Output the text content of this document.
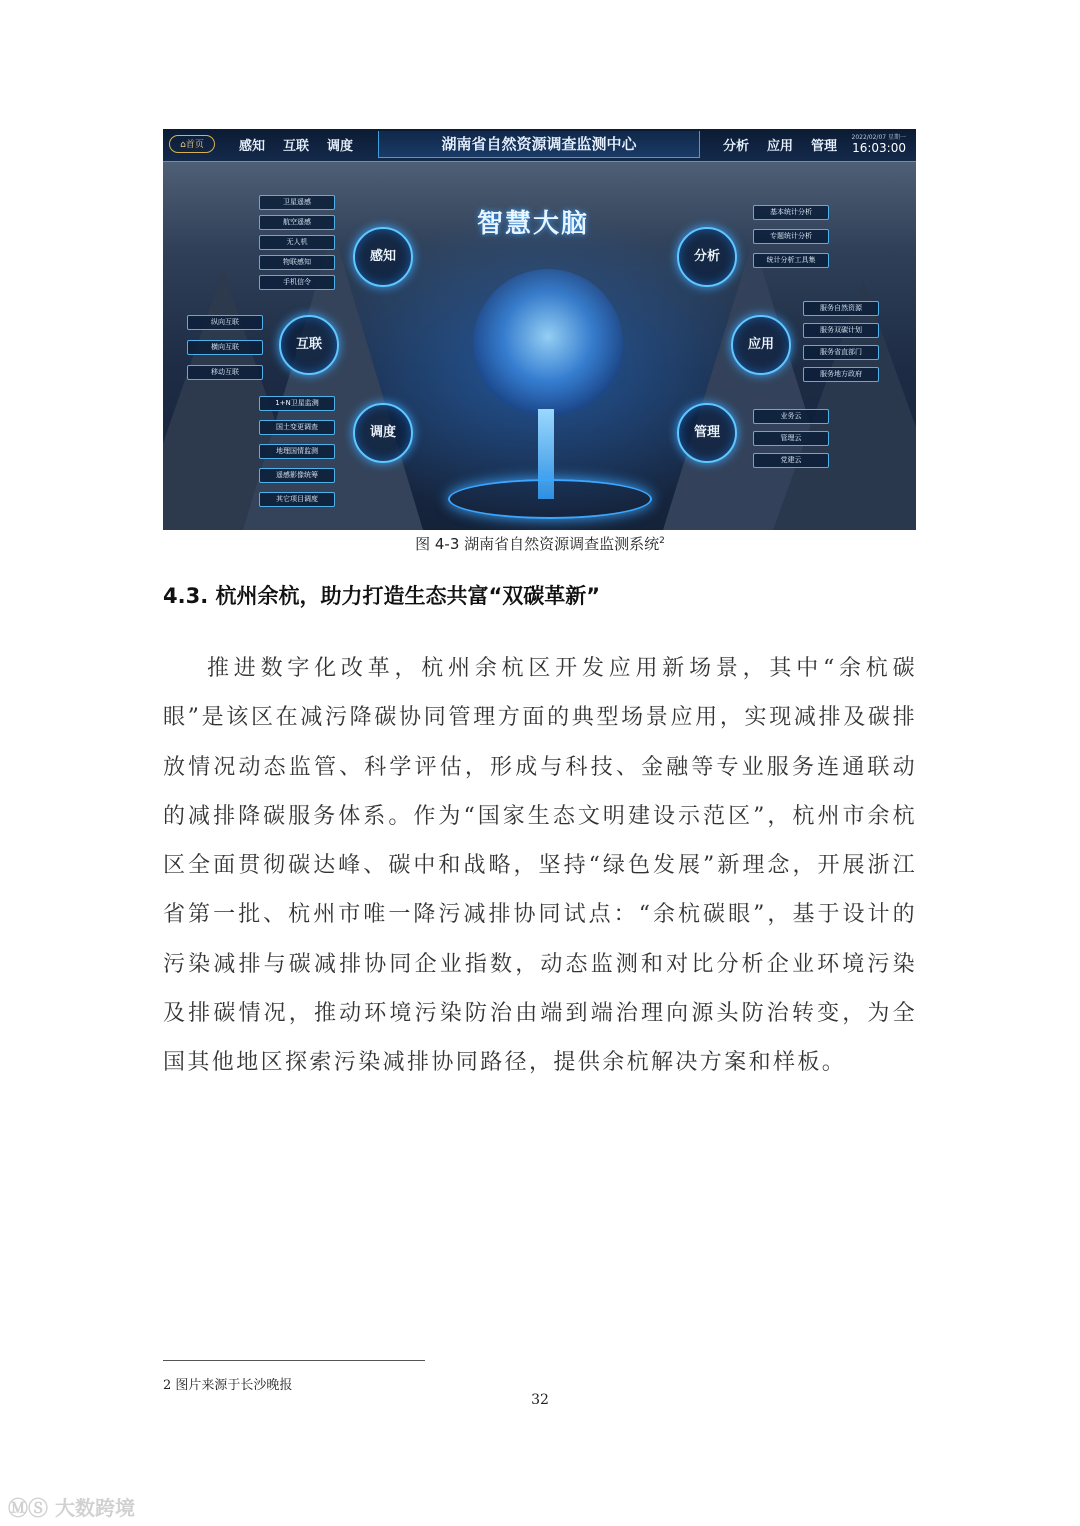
⌂首页	感知 互联 调度	湖南省自然资源调查监测中心	分析 应用 管理
2022/02/07 星期一
16:03:00
智慧大脑
感知
互联
调度
分析
应用
管理
卫星遥感
航空遥感
无人机
物联感知
手机信令
纵向互联
横向互联
移动互联
1+N卫星监测
国土变更调查
地理国情监测
遥感影像统筹
其它项目调度
基本统计分析
专题统计分析
统计分析工具集
服务自然资源
服务双碳计划
服务省直部门
服务地方政府
业务云
管理云
党建云
图 4-3 湖南省自然资源调查监测系统$^2$
4.3. 杭州余杭，助力打造生态共富“双碳革新”

推进数字化改革，杭州余杭区开发应用新场景，其中“余杭碳眼”是该区在减污降碳协同管理方面的典型场景应用，实现减排及碳排放情况动态监管、科学评估，形成与科技、金融等专业服务连通联动的减排降碳服务体系。作为“国家生态文明建设示范区”，杭州市余杭区全面贯彻碳达峰、碳中和战略，坚持“绿色发展”新理念，开展浙江省第一批、杭州市唯一降污减排协同试点：“余杭碳眼”，基于设计的污染减排与碳减排协同企业指数，动态监测和对比分析企业环境污染及排碳情况，推动环境污染防治由端到端治理向源头防治转变，为全国其他地区探索污染减排协同路径，提供余杭解决方案和样板。

2 图片来源于长沙晚报
32
ⓂⓈ 大数跨境
